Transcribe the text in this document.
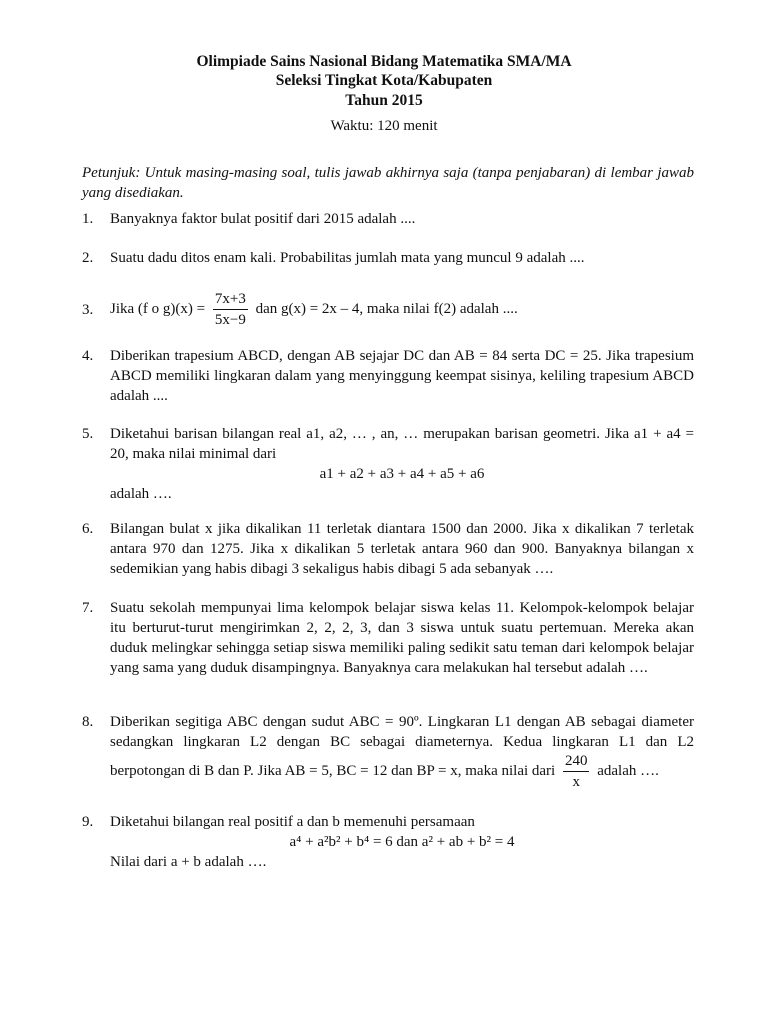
Olimpiade Sains Nasional Bidang Matematika SMA/MA
Seleksi Tingkat Kota/Kabupaten
Tahun 2015
Waktu: 120 menit
Petunjuk: Untuk masing-masing soal, tulis jawab akhirnya saja (tanpa penjabaran) di lembar jawab yang disediakan.
1. Banyaknya faktor bulat positif dari 2015 adalah ....
2. Suatu dadu ditos enam kali. Probabilitas jumlah mata yang muncul 9 adalah ....
3. Jika (f o $g)(x) = \frac{7x+3}{5x-9}$ dan g(x) = 2x – 4, maka nilai f(2) adalah ....
4. Diberikan trapesium ABCD, dengan AB sejajar DC dan AB = 84 serta DC = 25. Jika trapesium ABCD memiliki lingkaran dalam yang menyinggung keempat sisinya, keliling trapesium ABCD adalah ....
5. Diketahui barisan bilangan real a1, a2, … , an, … merupakan barisan geometri. Jika a1 + a4 = 20, maka nilai minimal dari
a1 + a2 + a3 + a4 + a5 + a6
adalah ….
6. Bilangan bulat x jika dikalikan 11 terletak diantara 1500 dan 2000. Jika x dikalikan 7 terletak antara 970 dan 1275. Jika x dikalikan 5 terletak antara 960 dan 900. Banyaknya bilangan x sedemikian yang habis dibagi 3 sekaligus habis dibagi 5 ada sebanyak ….
7. Suatu sekolah mempunyai lima kelompok belajar siswa kelas 11. Kelompok-kelompok belajar itu berturut-turut mengirimkan 2, 2, 2, 3, dan 3 siswa untuk suatu pertemuan. Mereka akan duduk melingkar sehingga setiap siswa memiliki paling sedikit satu teman dari kelompok belajar yang sama yang duduk disampingnya. Banyaknya cara melakukan hal tersebut adalah ….
8. Diberikan segitiga ABC dengan sudut ABC = 90º. Lingkaran L1 dengan AB sebagai diameter sedangkan lingkaran L2 dengan BC sebagai diameternya. Kedua lingkaran L1 dan L2 berpotongan di B dan P. Jika AB = 5, BC = 12 dan BP = x, maka nilai dari $\frac{240}{x}$ adalah ….
9. Diketahui bilangan real positif a dan b memenuhi persamaan
a⁴ + a²b² + b⁴ = 6 dan a² + ab + b² = 4
Nilai dari a + b adalah ….
